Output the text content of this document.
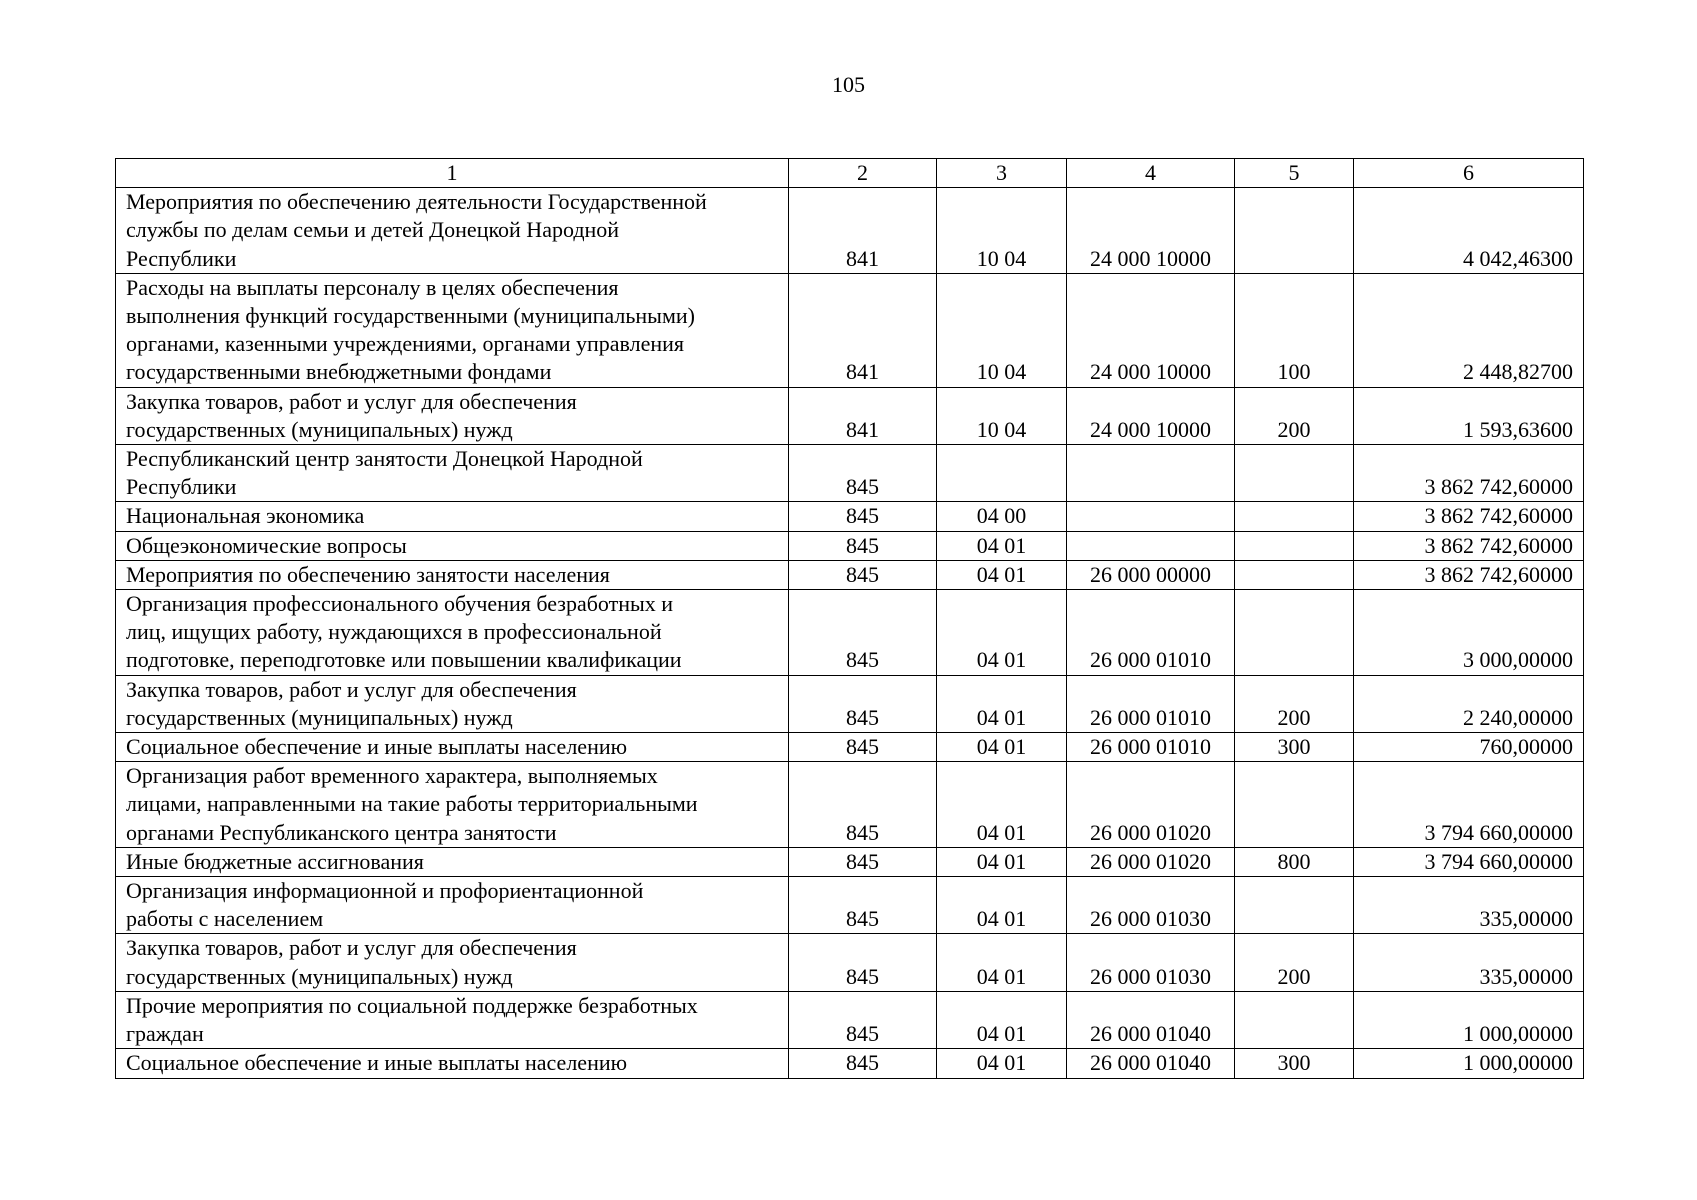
105
1	2	3	4	5	6

Мероприятия по обеспечению деятельности Государственной
службы по делам семьи и детей Донецкой Народной
Республики	841	10 04	24 000 10000		4 042,46300

Расходы на выплаты персоналу в целях обеспечения
выполнения функций государственными (муниципальными)
органами, казенными учреждениями, органами управления
государственными внебюджетными фондами	841	10 04	24 000 10000	100	2 448,82700

Закупка товаров, работ и услуг для обеспечения
государственных (муниципальных) нужд	841	10 04	24 000 10000	200	1 593,63600

Республиканский центр занятости Донецкой Народной
Республики	845				3 862 742,60000

Национальная экономика	845	04 00			3 862 742,60000

Общеэкономические вопросы	845	04 01			3 862 742,60000

Мероприятия по обеспечению занятости населения	845	04 01	26 000 00000		3 862 742,60000

Организация профессионального обучения безработных и
лиц, ищущих работу, нуждающихся в профессиональной
подготовке, переподготовке или повышении квалификации	845	04 01	26 000 01010		3 000,00000

Закупка товаров, работ и услуг для обеспечения
государственных (муниципальных) нужд	845	04 01	26 000 01010	200	2 240,00000

Социальное обеспечение и иные выплаты населению	845	04 01	26 000 01010	300	760,00000

Организация работ временного характера, выполняемых
лицами, направленными на такие работы территориальными
органами Республиканского центра занятости	845	04 01	26 000 01020		3 794 660,00000

Иные бюджетные ассигнования	845	04 01	26 000 01020	800	3 794 660,00000

Организация информационной и профориентационной
работы с населением	845	04 01	26 000 01030		335,00000

Закупка товаров, работ и услуг для обеспечения
государственных (муниципальных) нужд	845	04 01	26 000 01030	200	335,00000

Прочие мероприятия по социальной поддержке безработных
граждан	845	04 01	26 000 01040		1 000,00000

Социальное обеспечение и иные выплаты населению	845	04 01	26 000 01040	300	1 000,00000
